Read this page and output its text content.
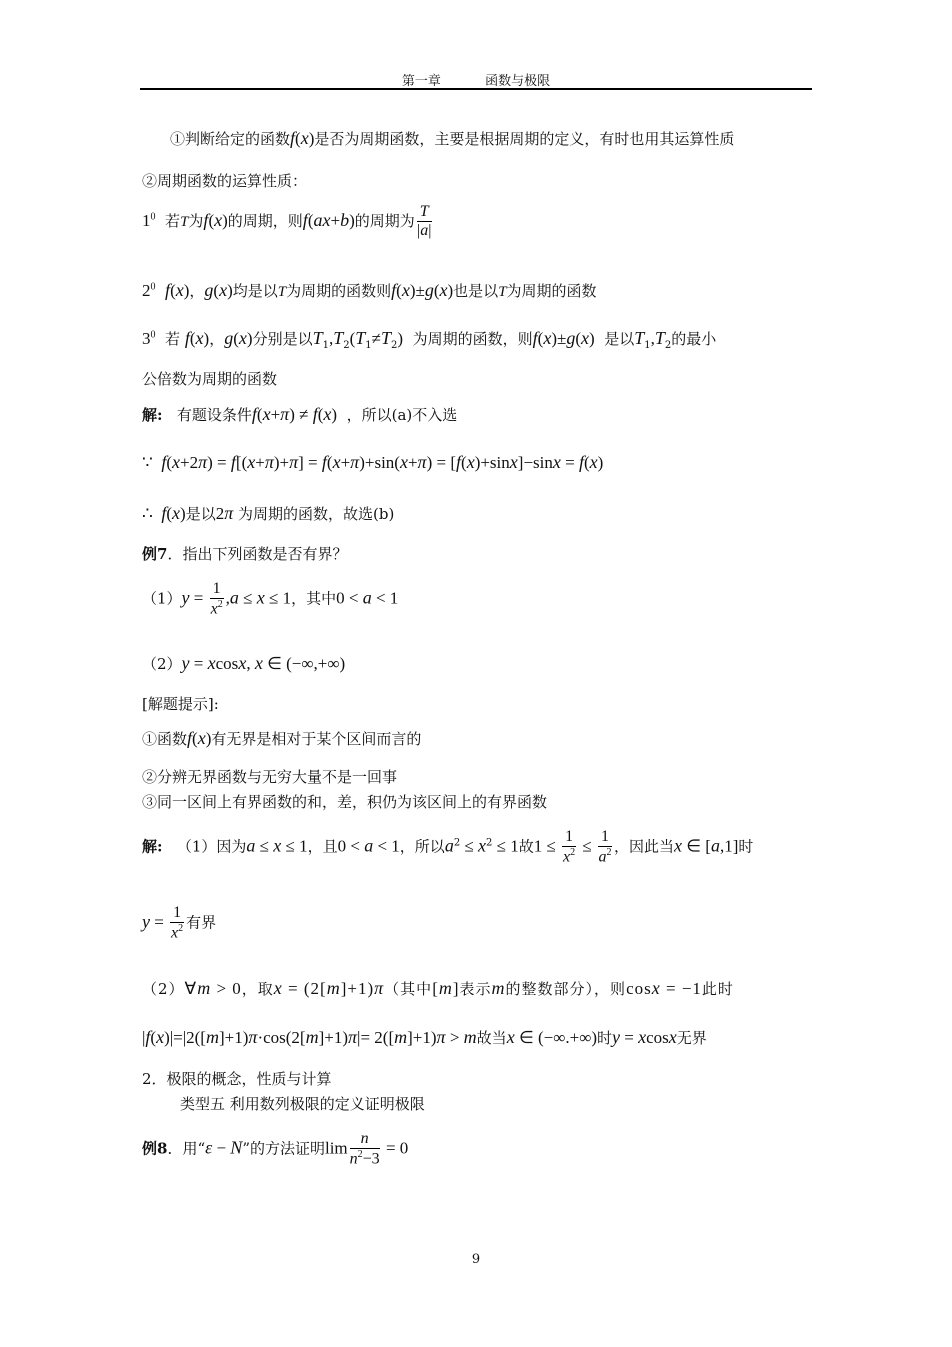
第一章	函数与极限
①判断给定的函数f(x)是否为周期函数，主要是根据周期的定义，有时也用其运算性质
②周期函数的运算性质：
$1^0$ 若T为f(x)的周期，则f(ax+b)的周期为 $\frac{T}{|a|}$
$2^0$ f(x)，g(x)均是以T为周期的函数则f(x)±g(x)也是以T为周期的函数
$3^0$ 若 f(x)，g(x)分别是以$T_1,T_2(T_1\ne T_2)$ 为周期的函数，则f(x)±g(x) 是以$T_1,T_2$的最小
公倍数为周期的函数
解: 有题设条件f(x+π) ≠ f(x) ，所以(a)不入选
∵  f(x+2π) = f[(x+π)+π] = f(x+π)+sin(x+π) = [f(x)+sinx]−sinx = f(x)
∴  f(x)是以2π 为周期的函数，故选(b)
例7．指出下列函数是否有界？
$(1)y = \frac{1}{x^2} ,a \le x \le 1$，其中0 < a < 1
（2）y = xcosx, x ∈ (−∞,+∞)
[解题提示]:
①函数f(x)有无界是相对于某个区间而言的
②分辨无界函数与无穷大量不是一回事
③同一区间上有界函数的和，差，积仍为该区间上的有界函数
解: （1）因为a ≤ x ≤ 1，且0 < a < 1，所以$a^2 \le x^2 \le 1$故$1 \le \frac{1}{x^2} \le \frac{1}{a^2}$ ，因此当x ∈ [a,1]时
$y = \frac{1}{x^2}$ 有界
（2）∀m > 0，取x = (2[m]+1)π（其中[m]表示m的整数部分），则cosx = −1此时
|f(x)|=|2([m]+1)π·cos(2[m]+1)π|= 2([m]+1)π > m故当x ∈ (−∞.+∞)时y = xcosx无界
2．极限的概念，性质与计算
类型五 利用数列极限的定义证明极限
例8．用“ε − N”的方法证明$\lim \frac{n}{n^2-3} = 0$
9
